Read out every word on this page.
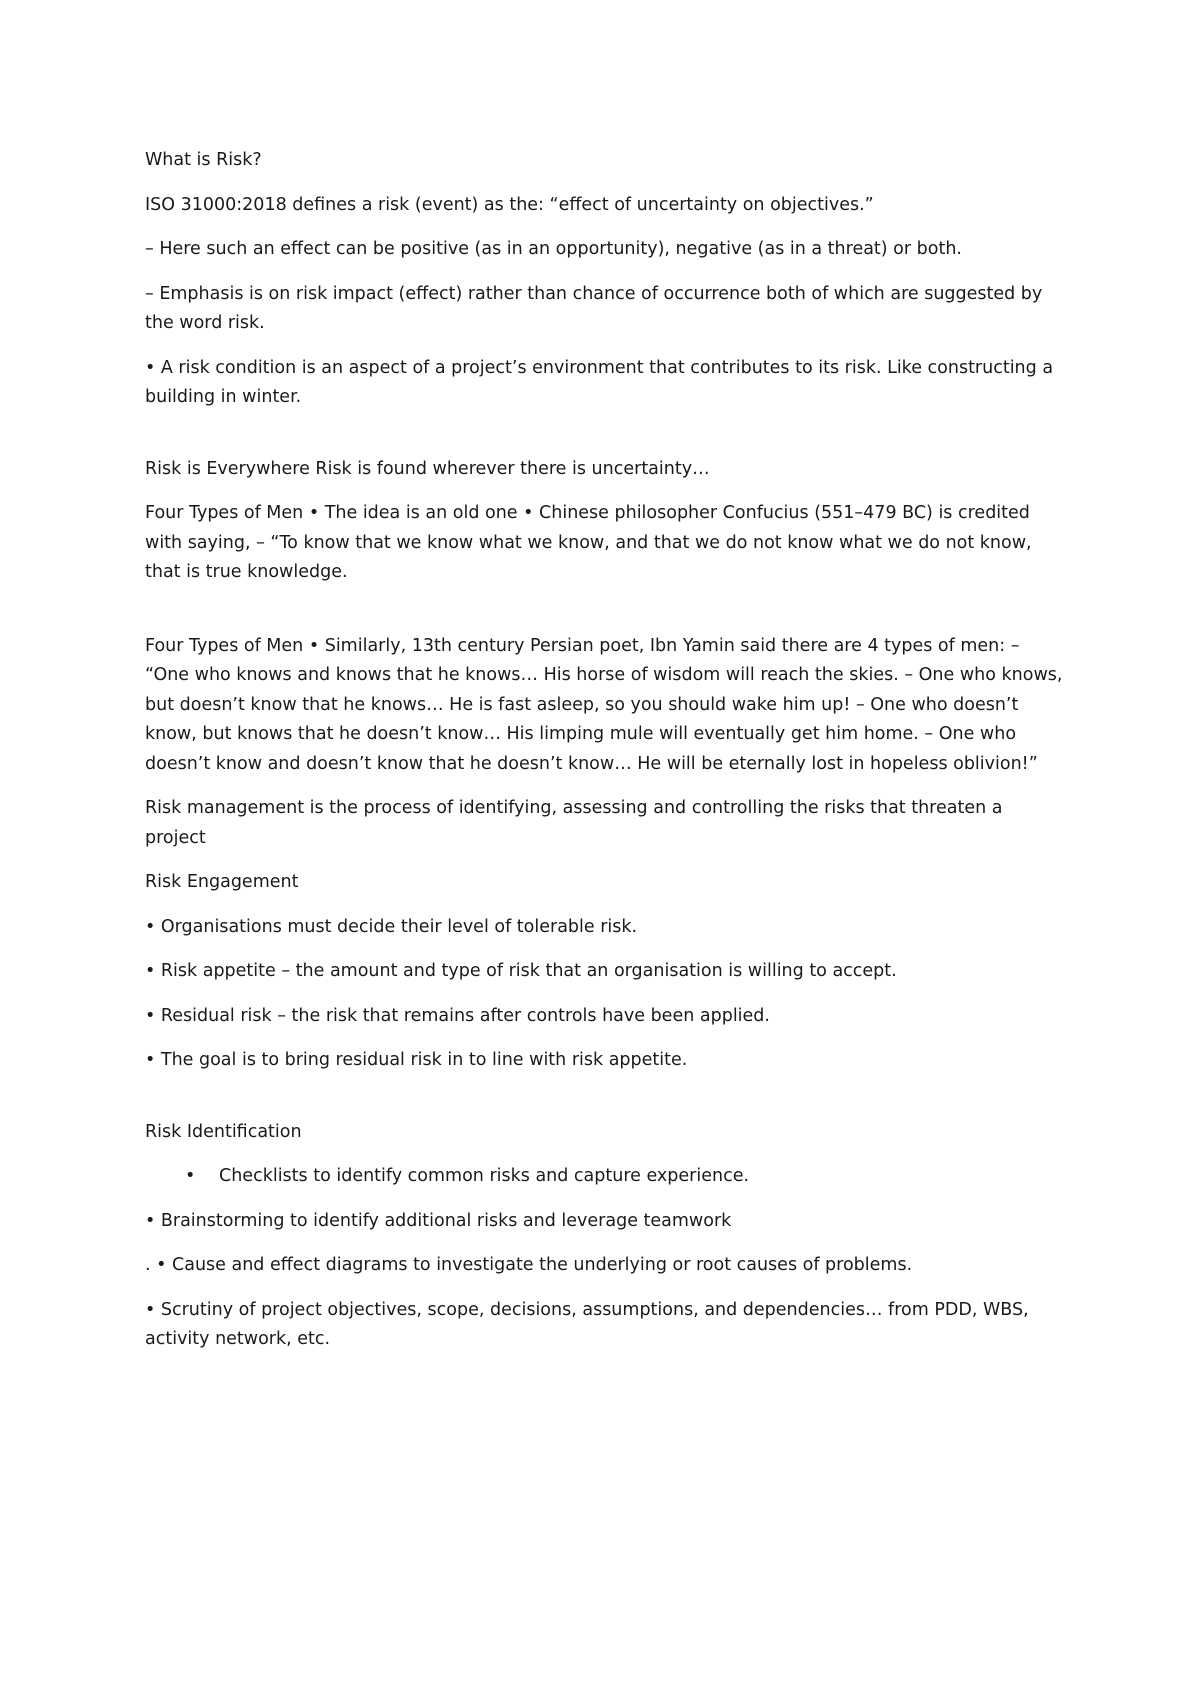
What is Risk?

ISO 31000:2018 defines a risk (event) as the: “effect of uncertainty on objectives.”

– Here such an effect can be positive (as in an opportunity), negative (as in a threat) or both.

– Emphasis is on risk impact (effect) rather than chance of occurrence both of which are suggested by the word risk.

• A risk condition is an aspect of a project’s environment that contributes to its risk. Like constructing a building in winter.

Risk is Everywhere Risk is found wherever there is uncertainty…

Four Types of Men • The idea is an old one • Chinese philosopher Confucius (551–479 BC) is credited with saying, – “To know that we know what we know, and that we do not know what we do not know, that is true knowledge.

Four Types of Men • Similarly, 13th century Persian poet, Ibn Yamin said there are 4 types of men: – “One who knows and knows that he knows… His horse of wisdom will reach the skies. – One who knows, but doesn’t know that he knows… He is fast asleep, so you should wake him up! – One who doesn’t know, but knows that he doesn’t know… His limping mule will eventually get him home. – One who doesn’t know and doesn’t know that he doesn’t know… He will be eternally lost in hopeless oblivion!”

Risk management is the process of identifying, assessing and controlling the risks that threaten a project

Risk Engagement

• Organisations must decide their level of tolerable risk.

• Risk appetite – the amount and type of risk that an organisation is willing to accept.

• Residual risk – the risk that remains after controls have been applied.

• The goal is to bring residual risk in to line with risk appetite.

Risk Identification

• Checklists to identify common risks and capture experience.

• Brainstorming to identify additional risks and leverage teamwork

. • Cause and effect diagrams to investigate the underlying or root causes of problems.

• Scrutiny of project objectives, scope, decisions, assumptions, and dependencies… from PDD, WBS, activity network, etc.
